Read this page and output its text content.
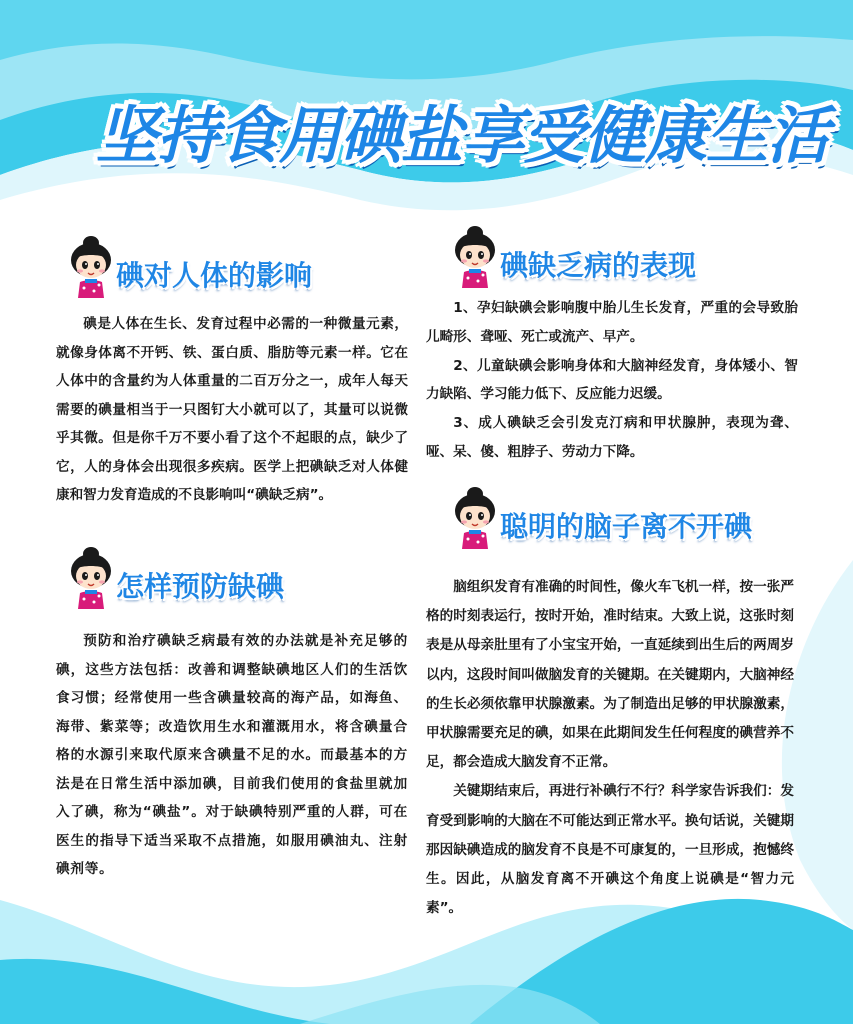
坚持食用碘盐 享受健康生活
碘对人体的影响

碘是人体在生长、发育过程中必需的一种微量元素，就像身体离不开钙、铁、蛋白质、脂肪等元素一样。它在人体中的含量约为人体重量的二百万分之一，成年人每天需要的碘量相当于一只图钉大小就可以了，其量可以说微乎其微。但是你千万不要小看了这个不起眼的点，缺少了它，人的身体会出现很多疾病。医学上把碘缺乏对人体健康和智力发育造成的不良影响叫“碘缺乏病”。

怎样预防缺碘

预防和治疗碘缺乏病最有效的办法就是补充足够的碘，这些方法包括：改善和调整缺碘地区人们的生活饮食习惯；经常使用一些含碘量较高的海产品，如海鱼、海带、紫菜等；改造饮用生水和灌溉用水，将含碘量合格的水源引来取代原来含碘量不足的水。而最基本的方法是在日常生活中添加碘，目前我们使用的食盐里就加入了碘，称为“碘盐”。对于缺碘特别严重的人群，可在医生的指导下适当采取不点措施，如服用碘油丸、注射碘剂等。

碘缺乏病的表现

1、孕妇缺碘会影响腹中胎儿生长发育，严重的会导致胎儿畸形、聋哑、死亡或流产、早产。

2、儿童缺碘会影响身体和大脑神经发育，身体矮小、智力缺陷、学习能力低下、反应能力迟缓。

3、成人碘缺乏会引发克汀病和甲状腺肿，表现为聋、哑、呆、傻、粗脖子、劳动力下降。

聪明的脑子离不开碘

脑组织发育有准确的时间性，像火车飞机一样，按一张严格的时刻表运行，按时开始，准时结束。大致上说，这张时刻表是从母亲肚里有了小宝宝开始，一直延续到出生后的两周岁以内，这段时间叫做脑发育的关键期。在关键期内，大脑神经的生长必须依靠甲状腺激素。为了制造出足够的甲状腺激素，甲状腺需要充足的碘，如果在此期间发生任何程度的碘营养不足，都会造成大脑发育不正常。

关键期结束后，再进行补碘行不行？科学家告诉我们：发育受到影响的大脑在不可能达到正常水平。换句话说，关键期那因缺碘造成的脑发育不良是不可康复的，一旦形成，抱憾终生。因此，从脑发育离不开碘这个角度上说碘是“智力元素”。
